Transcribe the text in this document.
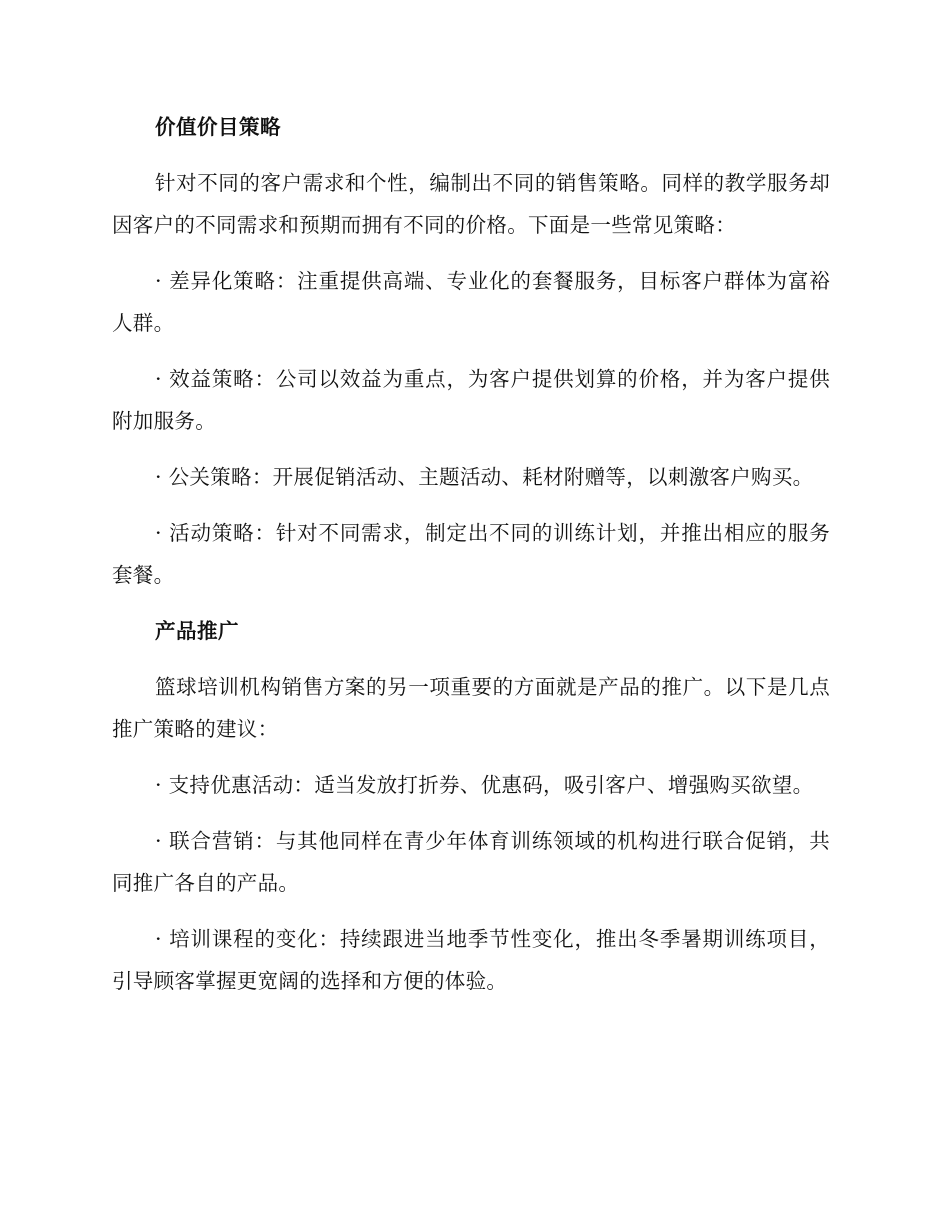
价值价目策略

针对不同的客户需求和个性，编制出不同的销售策略。同样的教学服务却因客户的不同需求和预期而拥有不同的价格。下面是一些常见策略：

· 差异化策略：注重提供高端、专业化的套餐服务，目标客户群体为富裕人群。

· 效益策略：公司以效益为重点，为客户提供划算的价格，并为客户提供附加服务。

· 公关策略：开展促销活动、主题活动、耗材附赠等，以刺激客户购买。

· 活动策略：针对不同需求，制定出不同的训练计划，并推出相应的服务套餐。

产品推广

篮球培训机构销售方案的另一项重要的方面就是产品的推广。以下是几点推广策略的建议：

· 支持优惠活动：适当发放打折券、优惠码，吸引客户、增强购买欲望。

· 联合营销：与其他同样在青少年体育训练领域的机构进行联合促销，共同推广各自的产品。

· 培训课程的变化：持续跟进当地季节性变化，推出冬季暑期训练项目，引导顾客掌握更宽阔的选择和方便的体验。
